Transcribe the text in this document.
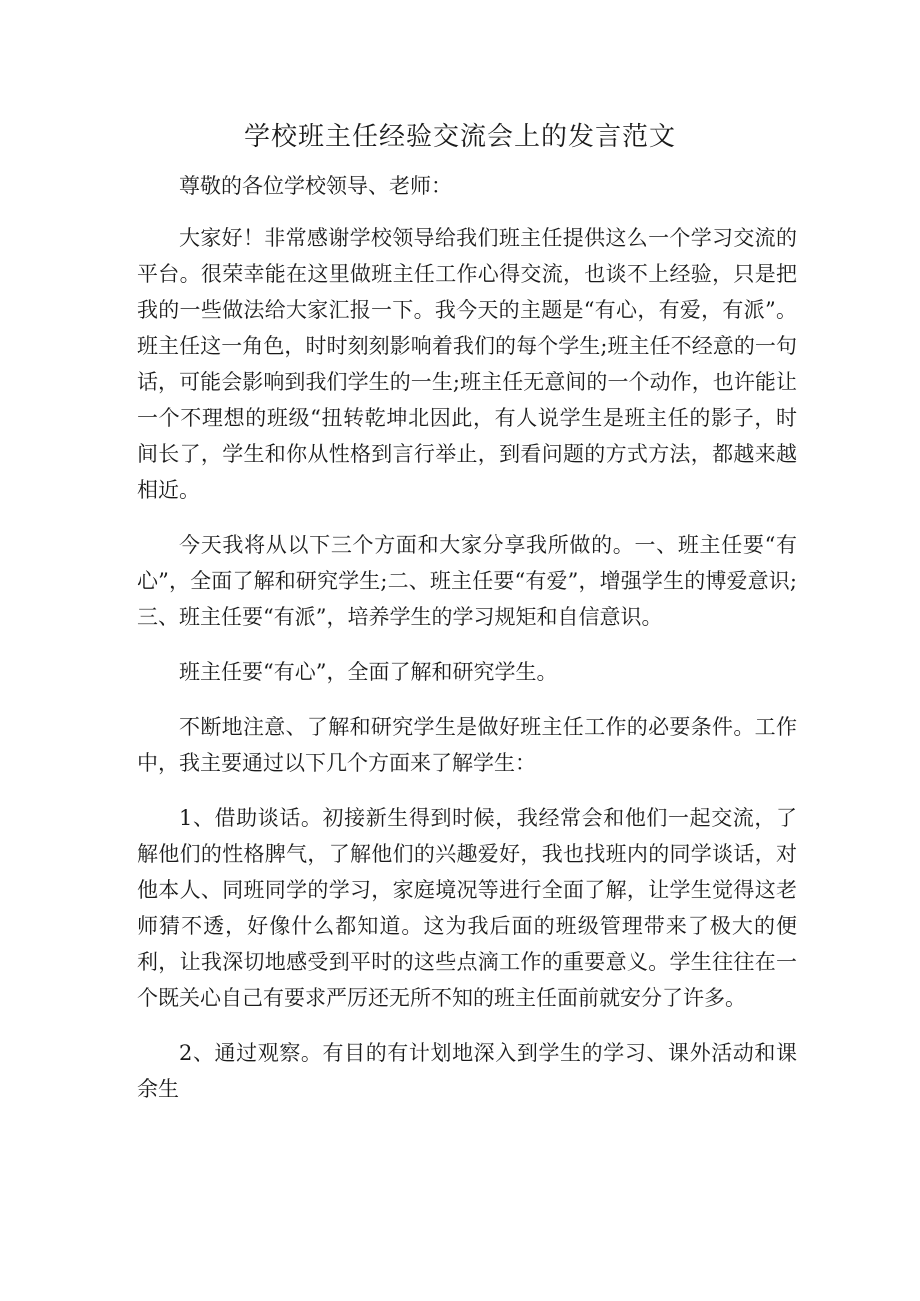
学校班主任经验交流会上的发言范文

尊敬的各位学校领导、老师：

大家好！非常感谢学校领导给我们班主任提供这么一个学习交流的平台。很荣幸能在这里做班主任工作心得交流，也谈不上经验，只是把我的一些做法给大家汇报一下。我今天的主题是“有心，有爱，有派”。班主任这一角色，时时刻刻影响着我们的每个学生;班主任不经意的一句话，可能会影响到我们学生的一生;班主任无意间的一个动作，也许能让一个不理想的班级“扭转乾坤北因此，有人说学生是班主任的影子，时间长了，学生和你从性格到言行举止，到看问题的方式方法，都越来越相近。

今天我将从以下三个方面和大家分享我所做的。一、班主任要“有心”，全面了解和研究学生;二、班主任要“有爱”，增强学生的博爱意识;三、班主任要“有派”，培养学生的学习规矩和自信意识。

班主任要“有心”，全面了解和研究学生。

不断地注意、了解和研究学生是做好班主任工作的必要条件。工作中，我主要通过以下几个方面来了解学生：

1、借助谈话。初接新生得到时候，我经常会和他们一起交流，了解他们的性格脾气，了解他们的兴趣爱好，我也找班内的同学谈话，对他本人、同班同学的学习，家庭境况等进行全面了解，让学生觉得这老师猜不透，好像什么都知道。这为我后面的班级管理带来了极大的便利，让我深切地感受到平时的这些点滴工作的重要意义。学生往往在一个既关心自己有要求严厉还无所不知的班主任面前就安分了许多。

2、通过观察。有目的有计划地深入到学生的学习、课外活动和课余生
